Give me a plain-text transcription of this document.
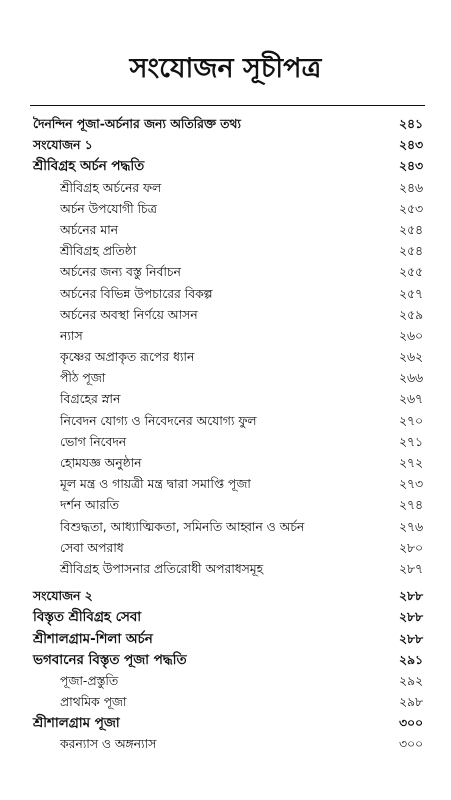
সংযোজন সূচীপত্র
দৈনন্দিন পূজা-অর্চনার জন্য অতিরিক্ত তথ্য	২৪১
সংযোজন ১	২৪৩
শ্রীবিগ্রহ অর্চন পদ্ধতি	২৪৩
শ্রীবিগ্রহ অর্চনের ফল	২৪৬
অর্চন উপযোগী চিত্র	২৫৩
অর্চনের মান	২৫৪
শ্রীবিগ্রহ প্রতিষ্ঠা	২৫৪
অর্চনের জন্য বস্তু নির্বাচন	২৫৫
অর্চনের বিভিন্ন উপচারের বিকল্প	২৫৭
অর্চনের অবস্থা নির্ণয়ে আসন	২৫৯
ন্যাস	২৬০
কৃষ্ণের অপ্রাকৃত রূপের ধ্যান	২৬২
পীঠ পূজা	২৬৬
বিগ্রহের স্নান	২৬৭
নিবেদন যোগ্য ও নিবেদনের অযোগ্য ফুল	২৭০
ভোগ নিবেদন	২৭১
হোমযজ্ঞ অনুষ্ঠান	২৭২
মূল মন্ত্র ও গায়ত্রী মন্ত্র দ্বারা সমাপ্তি পূজা	২৭৩
দর্শন আরতি	২৭৪
বিশুদ্ধতা, আধ্যাত্মিকতা, সমিনতি আহ্বান ও অর্চন	২৭৬
সেবা অপরাধ	২৮০
শ্রীবিগ্রহ উপাসনার প্রতিরোধী অপরাধসমূহ	২৮৭
সংযোজন ২	২৮৮
বিস্তৃত শ্রীবিগ্রহ সেবা	২৮৮
শ্রীশালগ্রাম-শিলা অর্চন	২৮৮
ভগবানের বিস্তৃত পূজা পদ্ধতি	২৯১
পূজা-প্রস্তুতি	২৯২
প্রাথমিক পূজা	২৯৮
শ্রীশালগ্রাম পূজা	৩০০
করন্যাস ও অঙ্গন্যাস	৩০০
